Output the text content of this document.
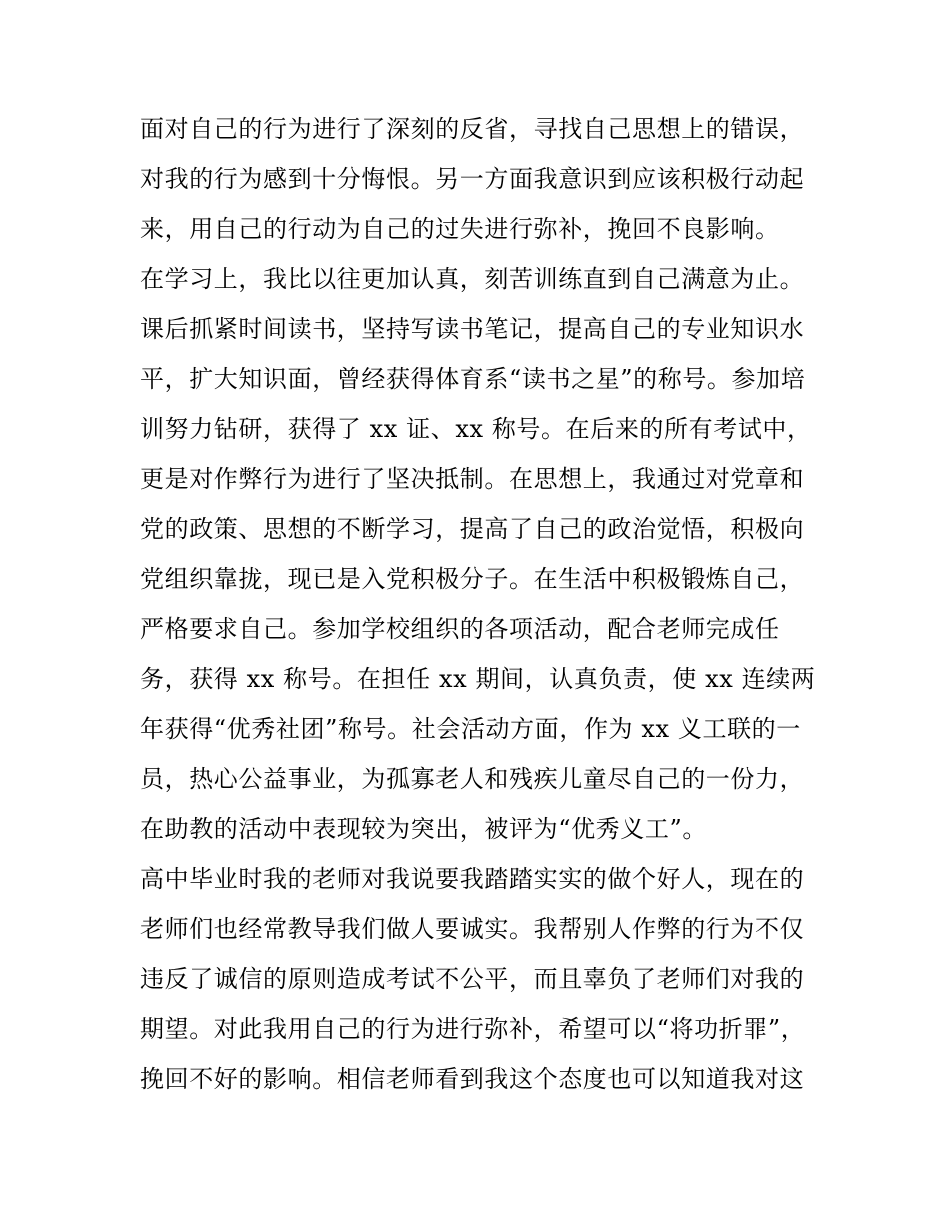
面对自己的行为进行了深刻的反省，寻找自己思想上的错误，
对我的行为感到十分悔恨。另一方面我意识到应该积极行动起
来，用自己的行动为自己的过失进行弥补，挽回不良影响。
在学习上，我比以往更加认真，刻苦训练直到自己满意为止。
课后抓紧时间读书，坚持写读书笔记，提高自己的专业知识水
平，扩大知识面，曾经获得体育系“读书之星”的称号。参加培
训努力钻研，获得了 xx 证、xx 称号。在后来的所有考试中，
更是对作弊行为进行了坚决抵制。在思想上，我通过对党章和
党的政策、思想的不断学习，提高了自己的政治觉悟，积极向
党组织靠拢，现已是入党积极分子。在生活中积极锻炼自己，
严格要求自己。参加学校组织的各项活动，配合老师完成任
务，获得 xx 称号。在担任 xx 期间，认真负责，使 xx 连续两
年获得“优秀社团”称号。社会活动方面，作为 xx 义工联的一
员，热心公益事业，为孤寡老人和残疾儿童尽自己的一份力，
在助教的活动中表现较为突出，被评为“优秀义工”。
高中毕业时我的老师对我说要我踏踏实实的做个好人，现在的
老师们也经常教导我们做人要诚实。我帮别人作弊的行为不仅
违反了诚信的原则造成考试不公平，而且辜负了老师们对我的
期望。对此我用自己的行为进行弥补，希望可以“将功折罪”，
挽回不好的影响。相信老师看到我这个态度也可以知道我对这
